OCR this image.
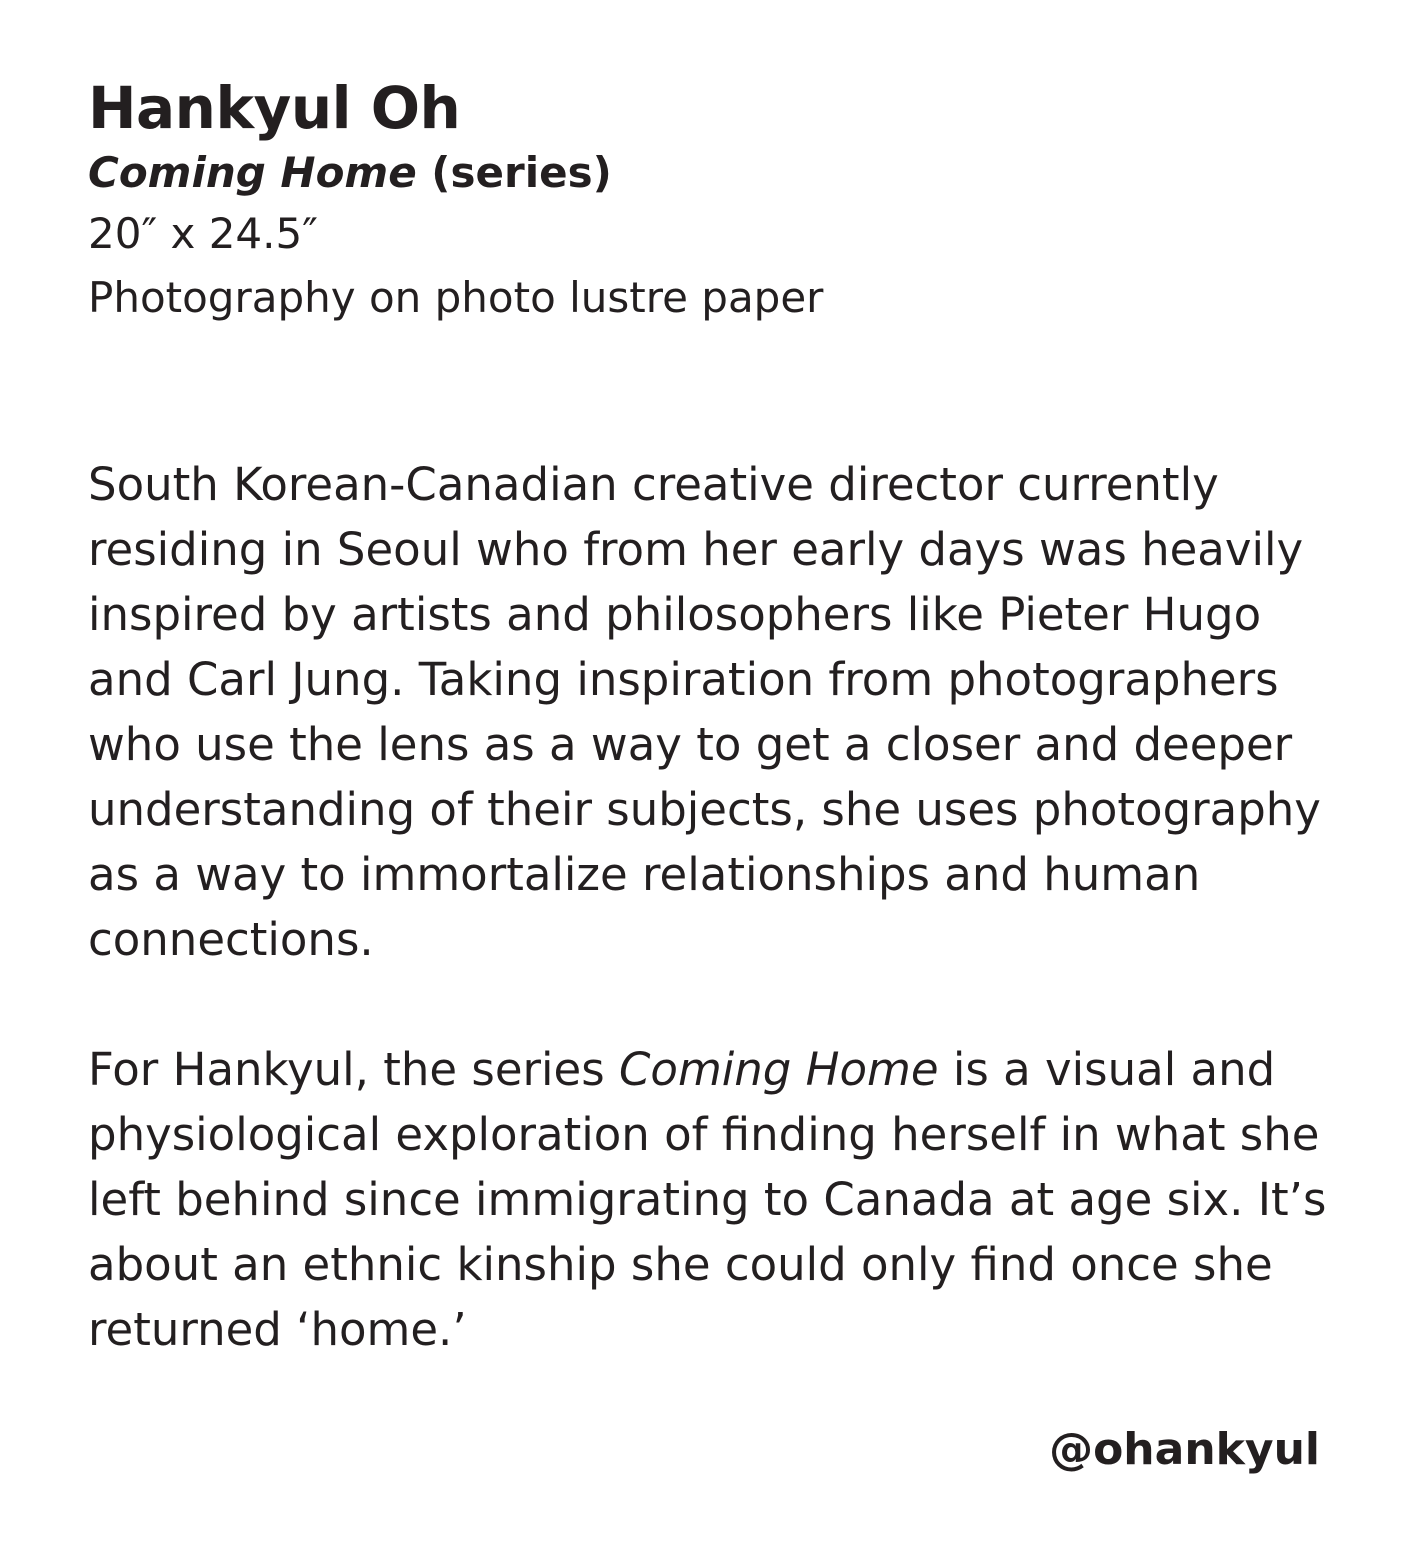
Hankyul Oh

Coming Home (series)

20″ x 24.5″

Photography on photo lustre paper

South Korean-Canadian creative director currently residing in Seoul who from her early days was heavily inspired by artists and philosophers like Pieter Hugo and Carl Jung. Taking inspiration from photographers who use the lens as a way to get a closer and deeper understanding of their subjects, she uses photography as a way to immortalize relationships and human connections.

For Hankyul, the series Coming Home is a visual and physiological exploration of finding herself in what she left behind since immigrating to Canada at age six. It’s about an ethnic kinship she could only find once she returned ‘home.’

@ohankyul
